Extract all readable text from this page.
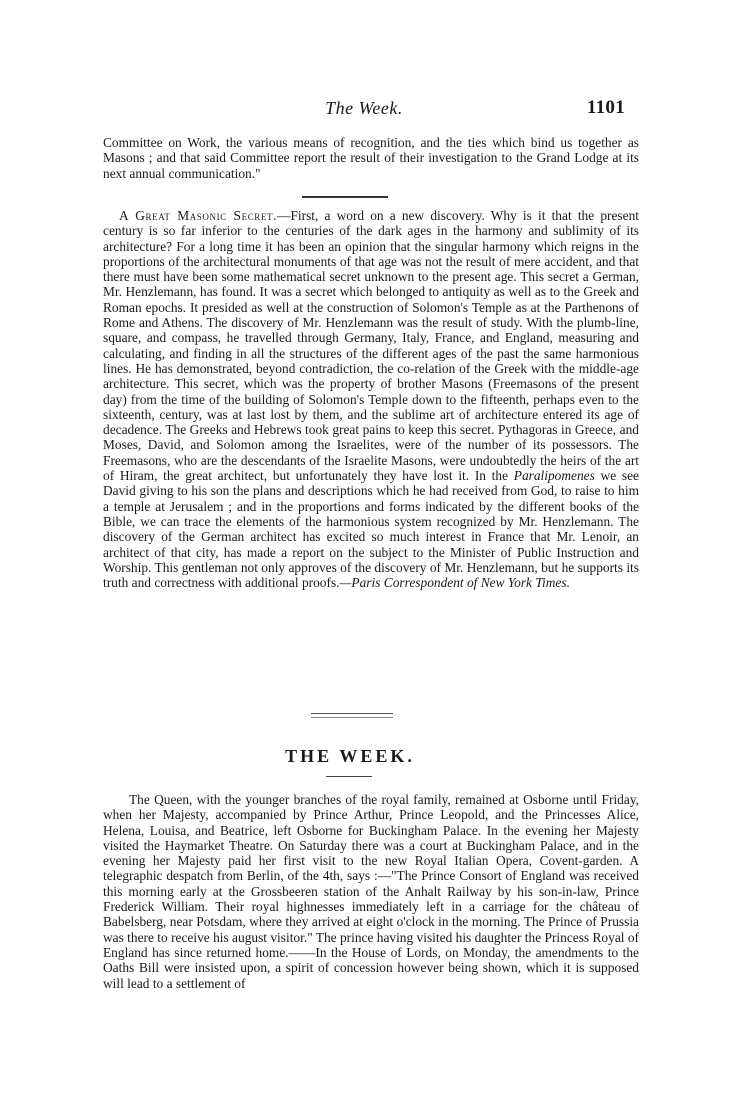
The Week.	1101

Committee on Work, the various means of recognition, and the ties which bind us together as Masons ; and that said Committee report the result of their investigation to the Grand Lodge at its next annual communication."

A Great Masonic Secret.—First, a word on a new discovery. Why is it that the present century is so far inferior to the centuries of the dark ages in the harmony and sublimity of its architecture? For a long time it has been an opinion that the singular harmony which reigns in the proportions of the architectural monuments of that age was not the result of mere accident, and that there must have been some mathematical secret unknown to the present age. This secret a German, Mr. Henzlemann, has found. It was a secret which belonged to antiquity as well as to the Greek and Roman epochs. It presided as well at the construction of Solomon's Temple as at the Parthenons of Rome and Athens. The discovery of Mr. Henzlemann was the result of study. With the plumb-line, square, and compass, he travelled through Germany, Italy, France, and England, measuring and calculating, and finding in all the structures of the different ages of the past the same harmonious lines. He has demonstrated, beyond contradiction, the co-relation of the Greek with the middle-age architecture. This secret, which was the property of brother Masons (Freemasons of the present day) from the time of the building of Solomon's Temple down to the fifteenth, perhaps even to the sixteenth, century, was at last lost by them, and the sublime art of architecture entered its age of decadence. The Greeks and Hebrews took great pains to keep this secret. Pythagoras in Greece, and Moses, David, and Solomon among the Israelites, were of the number of its possessors. The Freemasons, who are the descendants of the Israelite Masons, were undoubtedly the heirs of the art of Hiram, the great architect, but unfortunately they have lost it. In the Paralipomenes we see David giving to his son the plans and descriptions which he had received from God, to raise to him a temple at Jerusalem ; and in the proportions and forms indicated by the different books of the Bible, we can trace the elements of the harmonious system recognized by Mr. Henzlemann. The discovery of the German architect has excited so much interest in France that Mr. Lenoir, an architect of that city, has made a report on the subject to the Minister of Public Instruction and Worship. This gentleman not only approves of the discovery of Mr. Henzlemann, but he supports its truth and correctness with additional proofs.—Paris Correspondent of New York Times.

THE WEEK.

The Queen, with the younger branches of the royal family, remained at Osborne until Friday, when her Majesty, accompanied by Prince Arthur, Prince Leopold, and the Princesses Alice, Helena, Louisa, and Beatrice, left Osborne for Buckingham Palace. In the evening her Majesty visited the Haymarket Theatre. On Saturday there was a court at Buckingham Palace, and in the evening her Majesty paid her first visit to the new Royal Italian Opera, Covent-garden. A telegraphic despatch from Berlin, of the 4th, says :—"The Prince Consort of England was received this morning early at the Grossbeeren station of the Anhalt Railway by his son-in-law, Prince Frederick William. Their royal highnesses immediately left in a carriage for the château of Babelsberg, near Potsdam, where they arrived at eight o'clock in the morning. The Prince of Prussia was there to receive his august visitor." The prince having visited his daughter the Princess Royal of England has since returned home.——In the House of Lords, on Monday, the amendments to the Oaths Bill were insisted upon, a spirit of concession however being shown, which it is supposed will lead to a settlement of
